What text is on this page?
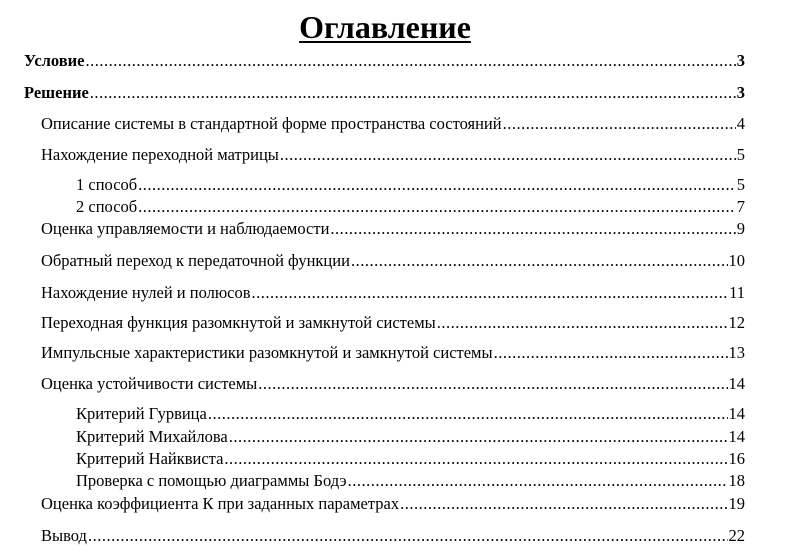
Оглавление
Условие .....	3
Решение .....	3
Описание системы в стандартной форме пространства состояний .....	4
Нахождение переходной матрицы .....	5
1 способ .....	5
2 способ .....	7
Оценка управляемости и наблюдаемости .....	9
Обратный переход к передаточной функции .....	10
Нахождение нулей и полюсов .....	11
Переходная функция разомкнутой и замкнутой системы .....	12
Импульсные характеристики разомкнутой и замкнутой системы .....	13
Оценка устойчивости системы .....	14
Критерий Гурвица .....	14
Критерий Михайлова .....	14
Критерий Найквиста .....	16
Проверка с помощью диаграммы Бодэ .....	18
Оценка коэффициента К при заданных параметрах .....	19
Вывод .....	22
